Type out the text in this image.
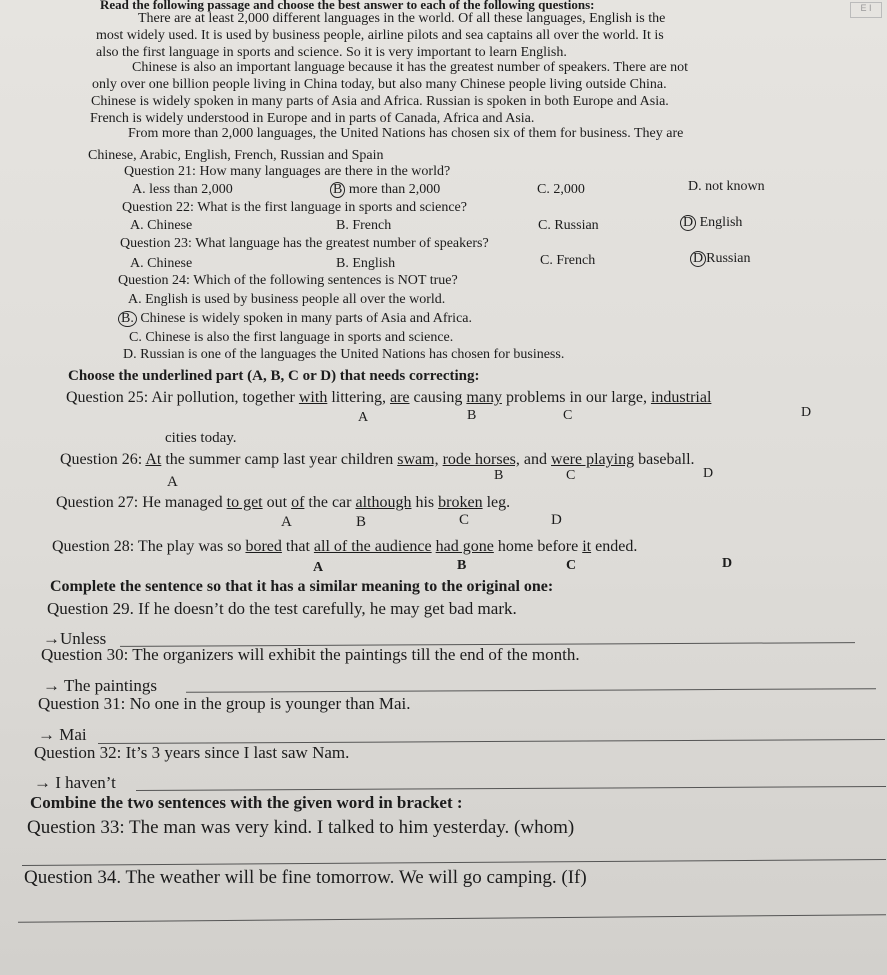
E I
Read the following passage and choose the best answer to each of the following questions:
There are at least 2,000 different languages in the world. Of all these languages, English is the
most widely used. It is used by business people, airline pilots and sea captains all over the world. It is
also the first language in sports and science. So it is very important to learn English.
Chinese is also an important language because it has the greatest number of speakers. There are not
only over one billion people living in China today, but also many Chinese people living outside China.
Chinese is widely spoken in many parts of Asia and Africa. Russian is spoken in both Europe and Asia.
French is widely understood in Europe and in parts of Canada, Africa and Asia.
From more than 2,000 languages, the United Nations has chosen six of them for business. They are
Chinese, Arabic, English, French, Russian and Spain
Question 21: How many languages are there in the world?
A. less than 2,000	B more than 2,000	C. 2,000	D. not known
Question 22: What is the first language in sports and science?
A. Chinese	B. French	C. Russian	D English
Question 23: What language has the greatest number of speakers?
A. Chinese	B. English	C. French	D Russian
Question 24: Which of the following sentences is NOT true?
A. English is used by business people all over the world.
B. Chinese is widely spoken in many parts of Asia and Africa.
C. Chinese is also the first language in sports and science.
D. Russian is one of the languages the United Nations has chosen for business.
Choose the underlined part (A, B, C or D) that needs correcting:
Question 25: Air pollution, together with littering, are causing many problems in our large, industrial
A	B	C	D
cities today.
Question 26: At the summer camp last year children swam, rode horses, and were playing baseball.
A	B	C	D
Question 27: He managed to get out of the car although his broken leg.
A	B	C	D
Question 28: The play was so bored that all of the audience had gone home before it ended.
A	B	C	D
Complete the sentence so that it has a similar meaning to the original one:
Question 29. If he doesn’t do the test carefully, he may get bad mark.
→Unless
Question 30: The organizers will exhibit the paintings till the end of the month.
→ The paintings
Question 31: No one in the group is younger than Mai.
→ Mai
Question 32: It’s 3 years since I last saw Nam.
→ I haven’t
Combine the two sentences with the given word in bracket :
Question 33: The man was very kind. I talked to him yesterday. (whom)
Question 34. The weather will be fine tomorrow. We will go camping. (If)
